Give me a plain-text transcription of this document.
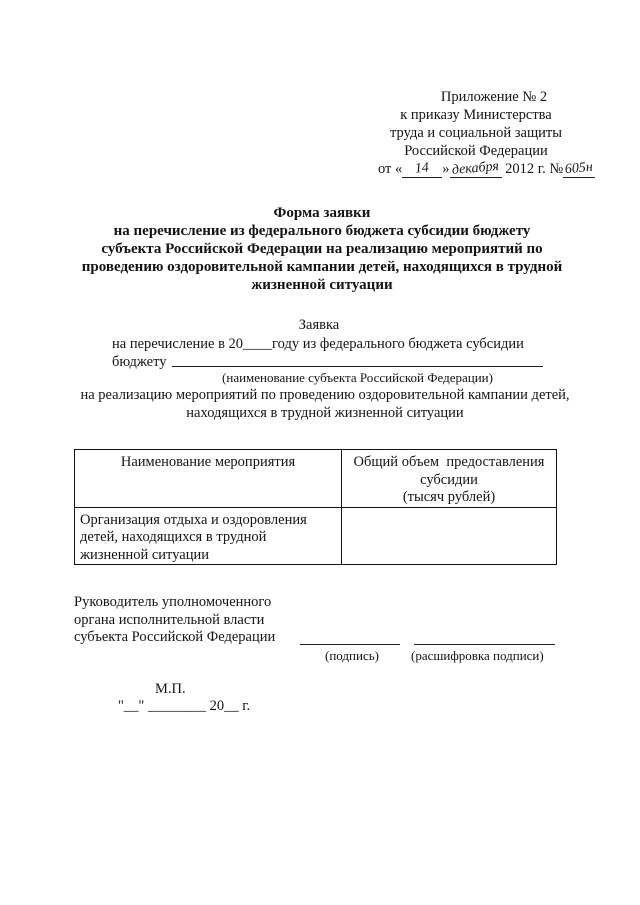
Приложение № 2
к приказу Министерства
труда и социальной защиты
Российской Федерации
от « 14 » декабря 2012 г. №605н
Форма заявки
на перечисление из федерального бюджета субсидии бюджету
субъекта Российской Федерации на реализацию мероприятий по
проведению оздоровительной кампании детей, находящихся в трудной
жизненной ситуации
Заявка
на перечисление в 20____году из федерального бюджета субсидии
бюджету
(наименование субъекта Российской Федерации)
на реализацию мероприятий по проведению оздоровительной кампании детей,
находящихся в трудной жизненной ситуации
Наименование мероприятия	Общий объем  предоставления
субсидии
(тысяч рублей)

Организация отдыха и оздоровления
детей, находящихся в трудной
жизненной ситуации	

Руководитель уполномоченного
органа исполнительной власти
субъекта Российской Федерации
(подпись) (расшифровка подписи)
М.П.
"__" ________ 20__ г.
